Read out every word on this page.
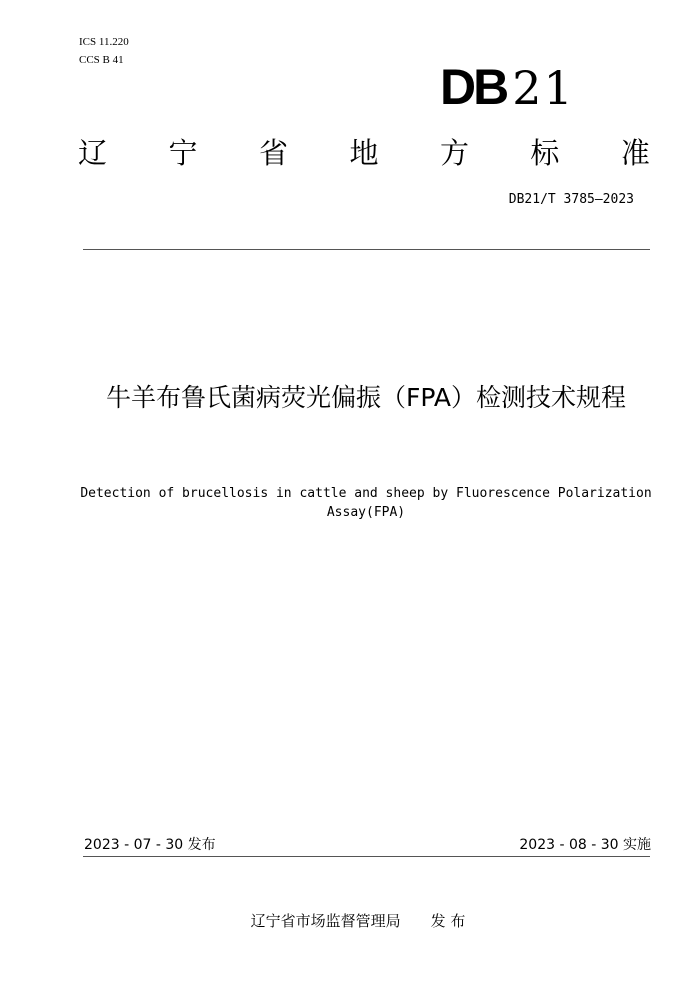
ICS 11.220
CCS B 41	DB 21
辽 宁 省 地 方 标 准
DB21/T 3785—2023
牛羊布鲁氏菌病荧光偏振（FPA）检测技术规程
Detection of brucellosis in cattle and sheep by Fluorescence Polarization
Assay(FPA)
2023 - 07 - 30 发布	2023 - 08 - 30 实施
辽宁省市场监督管理局 发 布
